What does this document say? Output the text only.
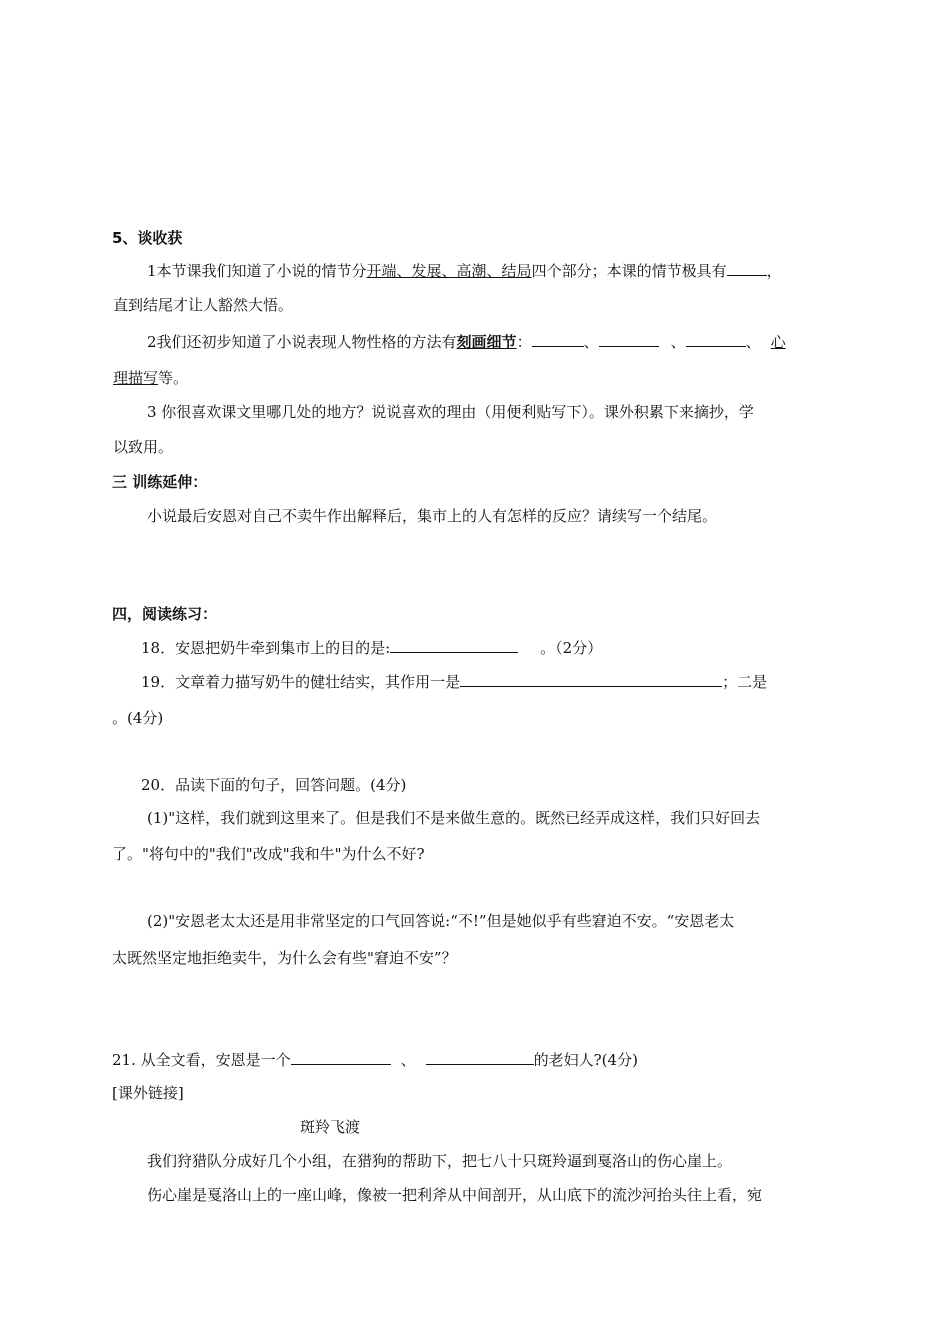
5、谈收获
1本节课我们知道了小说的情节分开端、发展、高潮、结局四个部分；本课的情节极具有	，
直到结尾才让人豁然大悟。
2我们还初步知道了小说表现人物性格的方法有刻画细节：	、	、	、 心
理描写等。
3 你很喜欢课文里哪几处的地方？说说喜欢的理由（用便利贴写下）。课外积累下来摘抄，学
以致用。
三 训练延伸：
小说最后安恩对自己不卖牛作出解释后，集市上的人有怎样的反应？请续写一个结尾。
四，阅读练习：
18．安恩把奶牛牵到集市上的目的是:	。（2分）
19．文章着力描写奶牛的健壮结实，其作用一是	；二是
。(4分)
20．品读下面的句子，回答问题。(4分)
(1)"这样，我们就到这里来了。但是我们不是来做生意的。既然已经弄成这样，我们只好回去
了。"将句中的"我们"改成"我和牛"为什么不好?
(2)"安恩老太太还是用非常坚定的口气回答说:“不!”但是她似乎有些窘迫不安。“安恩老太
太既然坚定地拒绝卖牛，为什么会有些"窘迫不安”？
21. 从全文看，安恩是一个	、	的老妇人?(4分)
[课外链接]
斑羚飞渡
我们狩猎队分成好几个小组，在猎狗的帮助下，把七八十只斑羚逼到戛洛山的伤心崖上。
伤心崖是戛洛山上的一座山峰，像被一把利斧从中间剖开，从山底下的流沙河抬头往上看，宛
